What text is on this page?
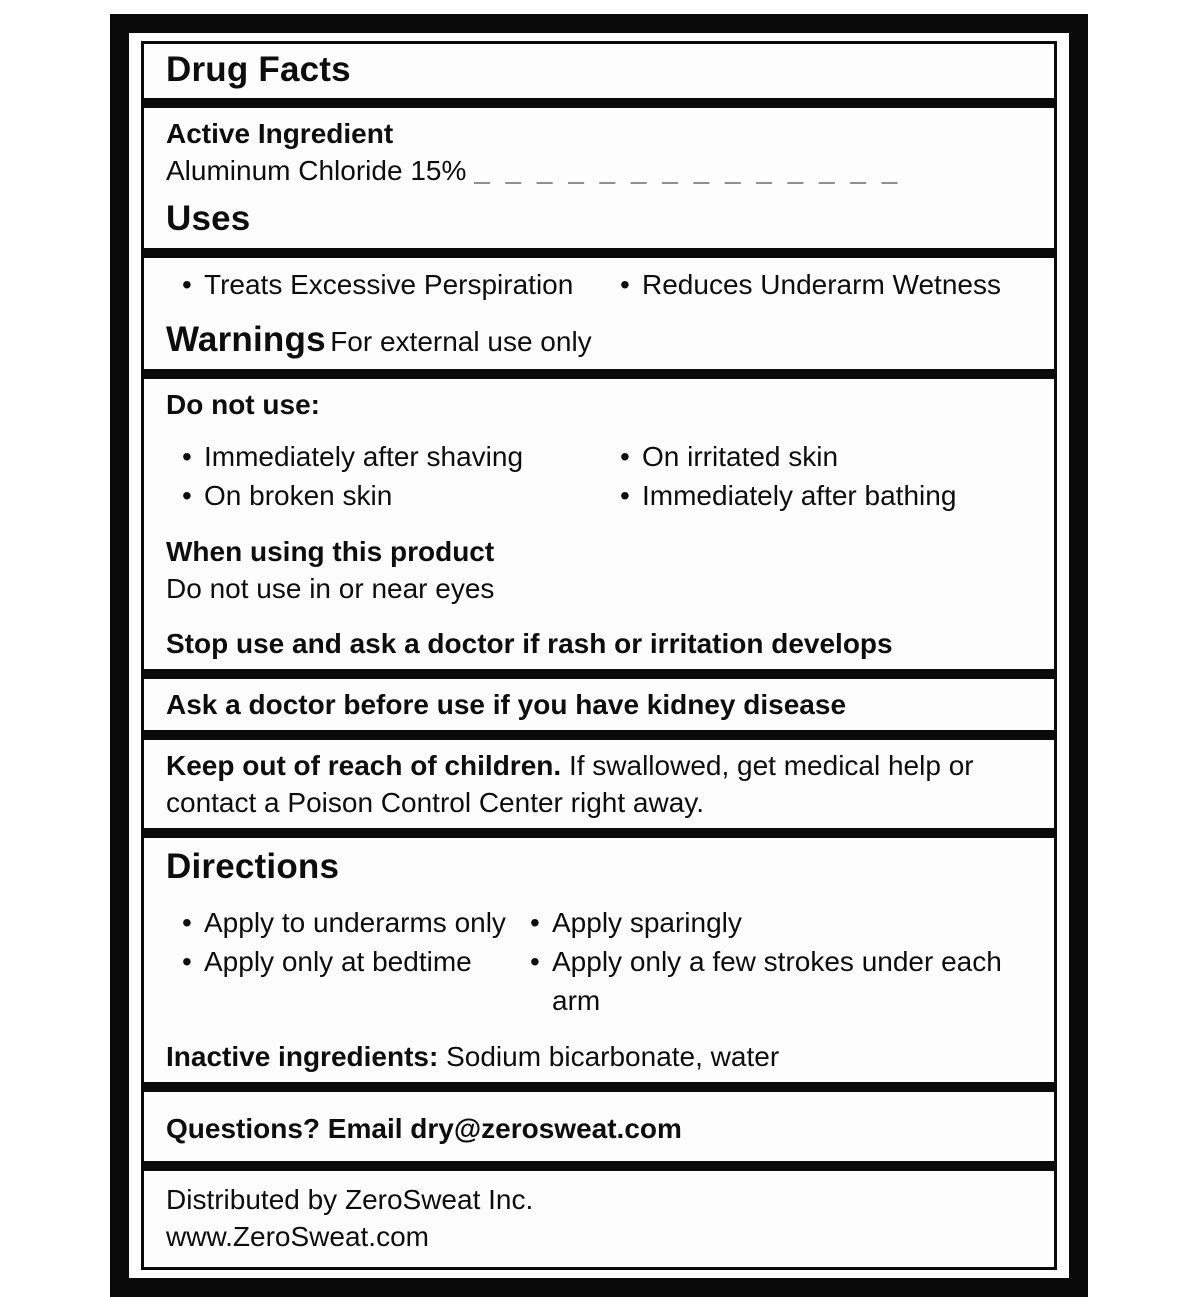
Drug Facts
Active Ingredient
Aluminum Chloride 15% _ _ _ _ _ _ _ _ _ _ _ _ _ _
Uses
• Treats Excessive Perspiration • Reduces Underarm Wetness
Warnings For external use only
Do not use:
• Immediately after shaving
• On broken skin
• On irritated skin
• Immediately after bathing
When using this product
Do not use in or near eyes
Stop use and ask a doctor if rash or irritation develops
Ask a doctor before use if you have kidney disease
Keep out of reach of children. If swallowed, get medical help or contact a Poison Control Center right away.
Directions
• Apply to underarms only
• Apply only at bedtime
• Apply sparingly
• Apply only a few strokes under each arm
Inactive ingredients: Sodium bicarbonate, water
Questions? Email dry@zerosweat.com
Distributed by ZeroSweat Inc.
www.ZeroSweat.com
